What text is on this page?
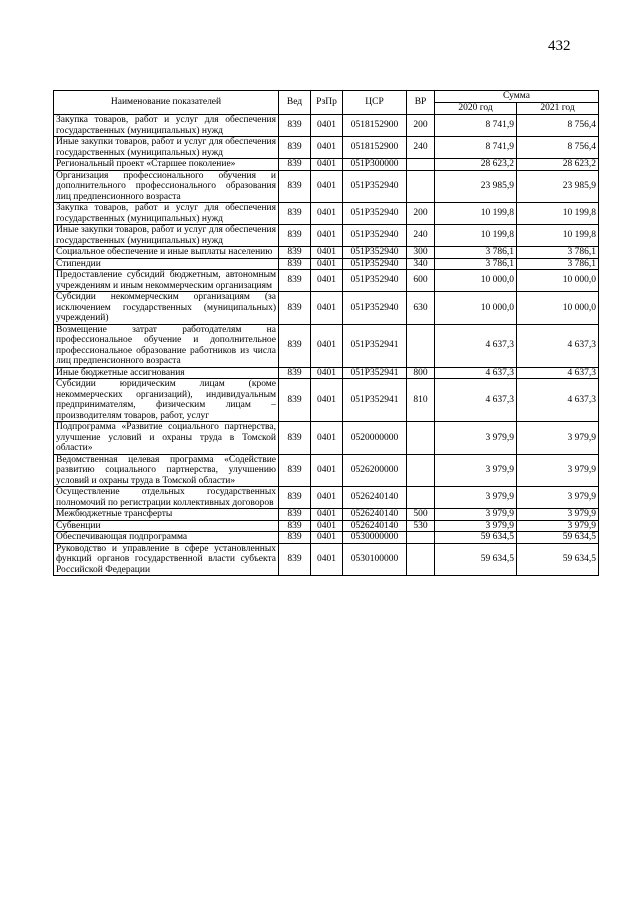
432
Наименование показателей	Вед	РзПр	ЦСР	ВР	Сумма	
					2020 год	2021 год
Закупка товаров, работ и услуг для обеспечения государственных (муниципальных) нужд	839	0401	0518152900	200	8 741,9	8 756,4
Иные закупки товаров, работ и услуг для обеспечения государственных (муниципальных) нужд	839	0401	0518152900	240	8 741,9	8 756,4
Региональный проект «Старшее поколение»	839	0401	051P300000		28 623,2	28 623,2
Организация профессионального обучения и дополнительного профессионального образования лиц предпенсионного возраста	839	0401	051P352940		23 985,9	23 985,9
Закупка товаров, работ и услуг для обеспечения государственных (муниципальных) нужд	839	0401	051P352940	200	10 199,8	10 199,8
Иные закупки товаров, работ и услуг для обеспечения государственных (муниципальных) нужд	839	0401	051P352940	240	10 199,8	10 199,8
Социальное обеспечение и иные выплаты населению	839	0401	051P352940	300	3 786,1	3 786,1
Стипендии	839	0401	051P352940	340	3 786,1	3 786,1
Предоставление субсидий бюджетным, автономным учреждениям и иным некоммерческим организациям	839	0401	051P352940	600	10 000,0	10 000,0
Субсидии некоммерческим организациям (за исключением государственных (муниципальных) учреждений)	839	0401	051P352940	630	10 000,0	10 000,0
Возмещение затрат работодателям на профессиональное обучение и дополнительное профессиональное образование работников из числа лиц предпенсионного возраста	839	0401	051P352941		4 637,3	4 637,3
Иные бюджетные ассигнования	839	0401	051P352941	800	4 637,3	4 637,3
Субсидии юридическим лицам (кроме некоммерческих организаций), индивидуальным предпринимателям, физическим лицам – производителям товаров, работ, услуг	839	0401	051P352941	810	4 637,3	4 637,3
Подпрограмма «Развитие социального партнерства, улучшение условий и охраны труда в Томской области»	839	0401	0520000000		3 979,9	3 979,9
Ведомственная целевая программа «Содействие развитию социального партнерства, улучшению условий и охраны труда в Томской области»	839	0401	0526200000		3 979,9	3 979,9
Осуществление отдельных государственных полномочий по регистрации коллективных договоров	839	0401	0526240140		3 979,9	3 979,9
Межбюджетные трансферты	839	0401	0526240140	500	3 979,9	3 979,9
Субвенции	839	0401	0526240140	530	3 979,9	3 979,9
Обеспечивающая подпрограмма	839	0401	0530000000		59 634,5	59 634,5
Руководство и управление в сфере установленных функций органов государственной власти субъекта Российской Федерации	839	0401	0530100000		59 634,5	59 634,5
